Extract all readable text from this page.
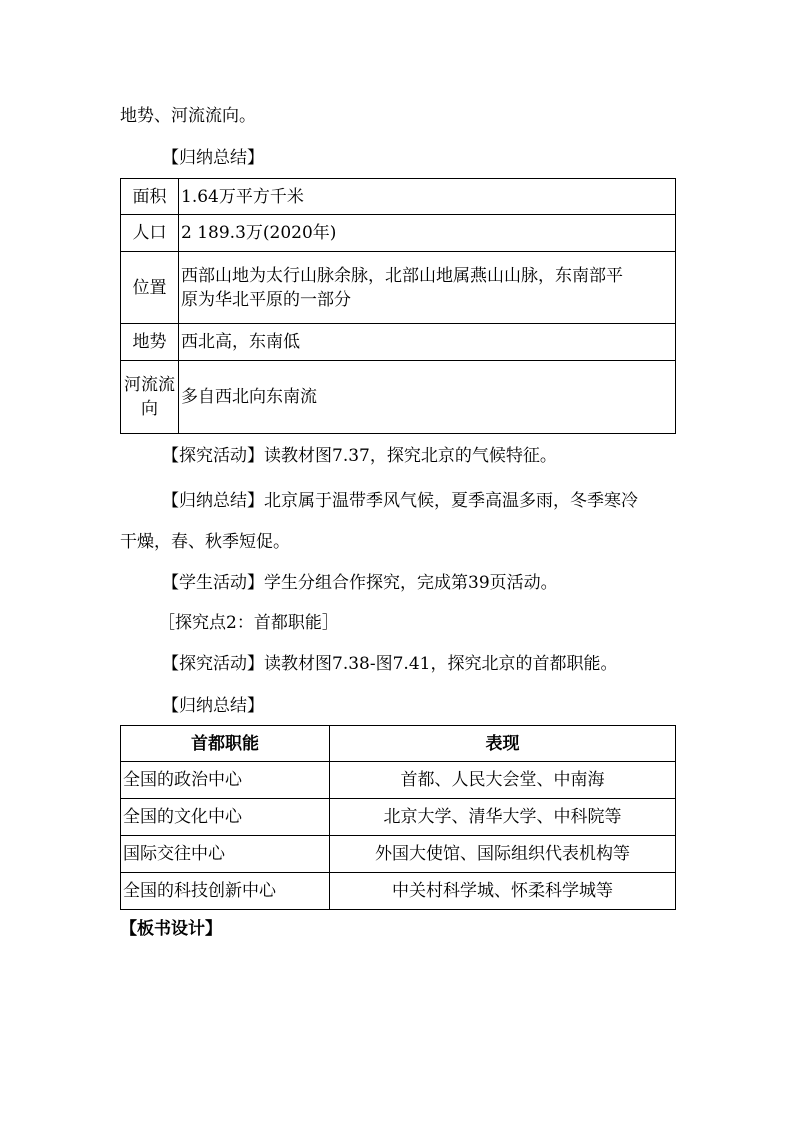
地势、河流流向。
【归纳总结】
面积	1.64万平方千米
人口	2 189.3万(2020年)
位置	西部山地为太行山脉余脉，北部山地属燕山山脉，东南部平
原为华北平原的一部分

地势	西北高，东南低

河流流
向	多自西北向东南流
【探究活动】读教材图7.37，探究北京的气候特征。
【归纳总结】北京属于温带季风气候，夏季高温多雨，冬季寒冷
干燥，春、秋季短促。
【学生活动】学生分组合作探究，完成第39页活动。
［探究点2：首都职能］
【探究活动】读教材图7.38-图7.41，探究北京的首都职能。
【归纳总结】
首都职能	表现
全国的政治中心	首都、人民大会堂、中南海
全国的文化中心	北京大学、清华大学、中科院等
国际交往中心	外国大使馆、国际组织代表机构等
全国的科技创新中心	中关村科学城、怀柔科学城等
【板书设计】
